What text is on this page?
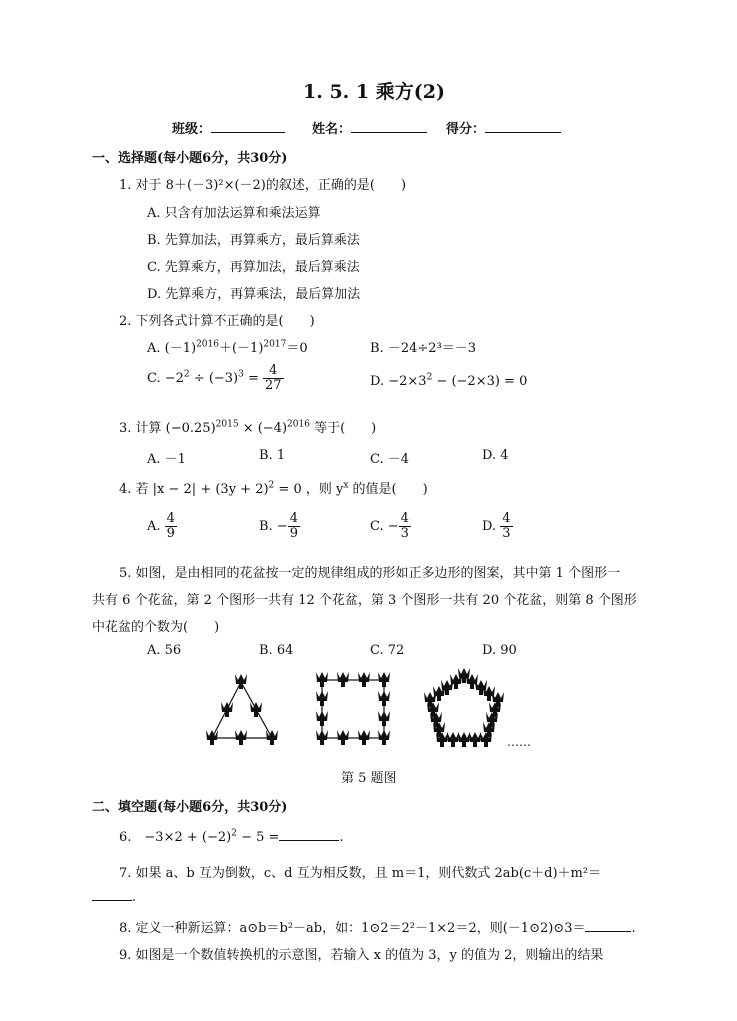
1. 5. 1 乘方(2)
班级：	姓名：	得分：
一、选择题(每小题6分，共30分)
1. 对于 8＋(－3)²×(－2)的叙述，正确的是(　　)
A. 只含有加法运算和乘法运算
B. 先算加法，再算乘方，最后算乘法
C. 先算乘方，再算加法，最后算乘法
D. 先算乘方，再算乘法，最后算加法
2. 下列各式计算不正确的是(　　)
A. $(-1)^{2016}+(-1)^{2017}=0$	B. －24÷2³＝－3
C. $-2^2 \div (-3)^3 = \frac{4}{27}$	D. $-2\times 3^2 - (-2\times 3) = 0$
3. 计算 $(-0.25)^{2015} \times (-4)^{2016}$ 等于(　　)
A. －1	B. 1	C. －4	D. 4
4. 若 $|x - 2| + (3y + 2)^2 = 0$ ，则 $y^x$ 的值是(　　)
A. $\frac{4}{9}$	B. − $\frac{4}{9}$	C. − $\frac{4}{3}$	D. $\frac{4}{3}$
5. 如图，是由相同的花盆按一定的规律组成的形如正多边形的图案，其中第 1 个图形一
共有 6 个花盆，第 2 个图形一共有 12 个花盆，第 3 个图形一共有 20 个花盆，则第 8 个图形
中花盆的个数为(　　)
A. 56	B. 64	C. 72	D. 90
……
第 5 题图
二、填空题(每小题6分，共30分)
6.　$-3\times 2 + (-2)^2 - 5$ =	.
7. 如果 a、b 互为倒数，c、d 互为相反数，且 m＝1，则代数式 2ab(c＋d)＋m²＝
.
8. 定义一种新运算：a⊙b＝b²－ab，如：1⊙2＝2²－1×2＝2，则(－1⊙2)⊙3＝	.
9. 如图是一个数值转换机的示意图，若输入 x 的值为 3，y 的值为 2，则输出的结果
